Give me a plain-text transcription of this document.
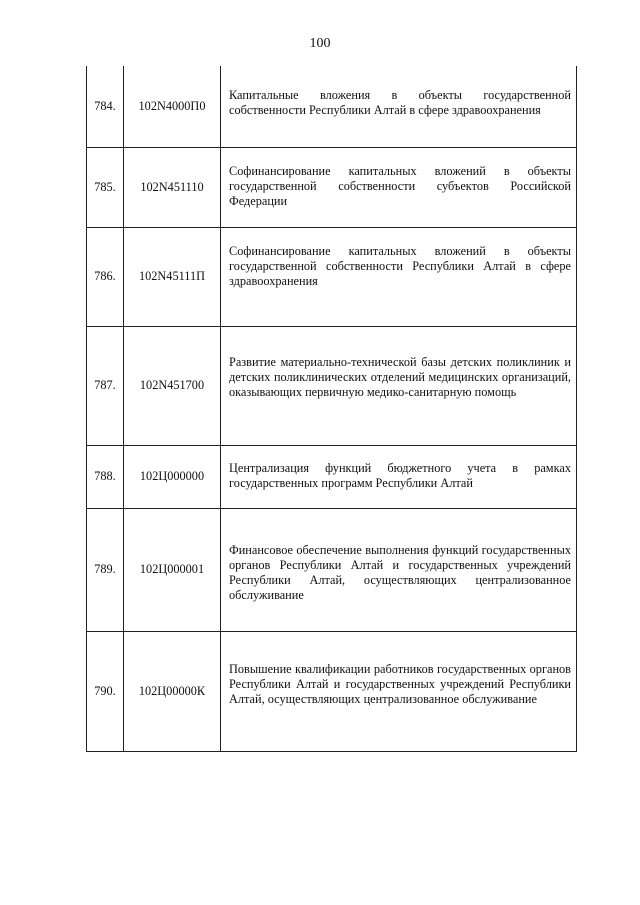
100
784.	102N4000П0	Капитальные вложения в объекты государственной собственности Республики Алтай в сфере здравоохранения
785.	102N451110	Софинансирование капитальных вложений в объекты государственной собственности субъектов Российской Федерации
786.	102N45111П	Софинансирование капитальных вложений в объекты государственной собственности Республики Алтай в сфере здравоохранения
787.	102N451700	Развитие материально-технической базы детских поликлиник и детских поликлинических отделений медицинских организаций, оказывающих первичную медико-санитарную помощь
788.	102Ц000000	Централизация функций бюджетного учета в рамках государственных программ Республики Алтай
789.	102Ц000001	Финансовое обеспечение выполнения функций государственных органов Республики Алтай и государственных учреждений Республики Алтай, осуществляющих централизованное обслуживание
790.	102Ц00000К	Повышение квалификации работников государственных органов Республики Алтай и государственных учреждений Республики Алтай, осуществляющих централизованное обслуживание
